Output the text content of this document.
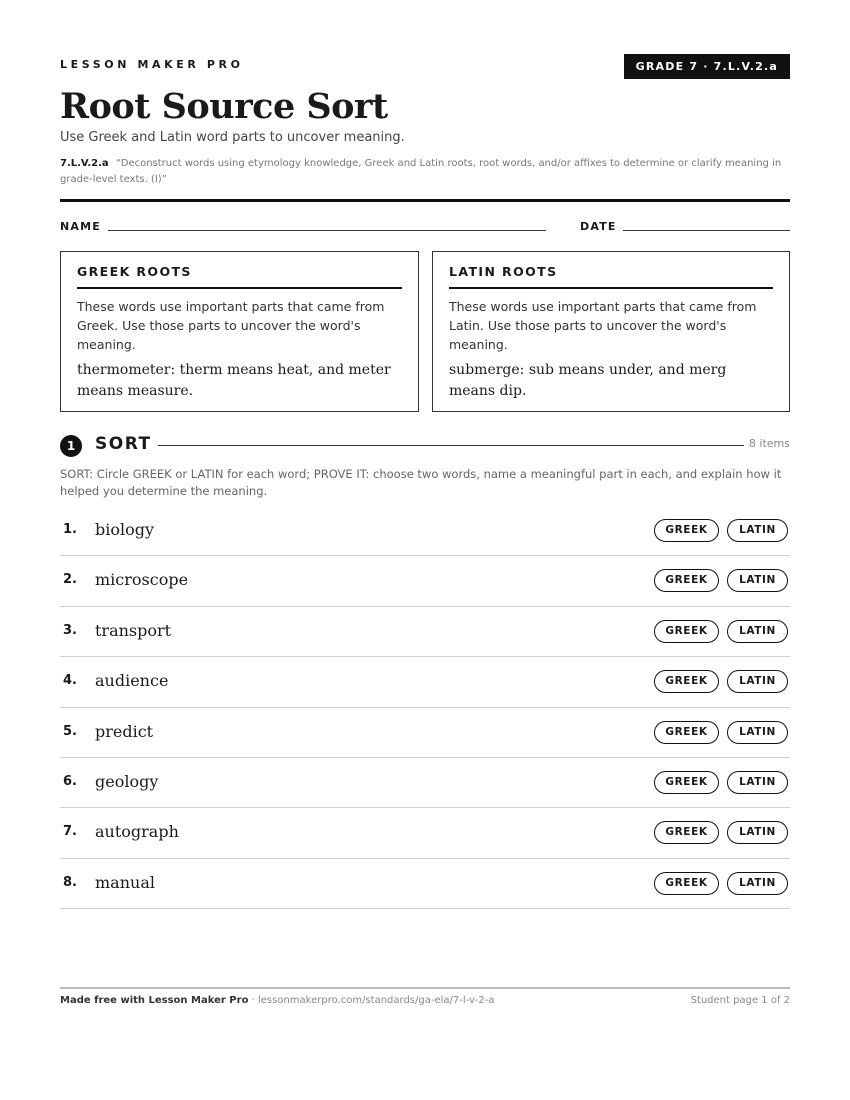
LESSON MAKER PRO	GRADE 7 · 7.L.V.2.a
Root Source Sort
Use Greek and Latin word parts to uncover meaning.
7.L.V.2.a “Deconstruct words using etymology knowledge, Greek and Latin roots, root words, and/or affixes to determine or clarify meaning in grade-level texts. (I)”
NAME	DATE
GREEK ROOTS

These words use important parts that came from Greek. Use those parts to uncover the word's meaning.

thermometer: therm means heat, and meter means measure.

LATIN ROOTS

These words use important parts that came from Latin. Use those parts to uncover the word's meaning.

submerge: sub means under, and merg means dip.

1	SORT	8 items
SORT: Circle GREEK or LATIN for each word; PROVE IT: choose two words, name a meaningful part in each, and explain how it helped you determine the meaning.
1. biology	GREEK	LATIN
2. microscope	GREEK	LATIN
3. transport	GREEK	LATIN
4. audience	GREEK	LATIN
5. predict	GREEK	LATIN
6. geology	GREEK	LATIN
7. autograph	GREEK	LATIN
8. manual	GREEK	LATIN
Made free with Lesson Maker Pro · lessonmakerpro.com/standards/ga-ela/7-l-v-2-a	Student page 1 of 2
